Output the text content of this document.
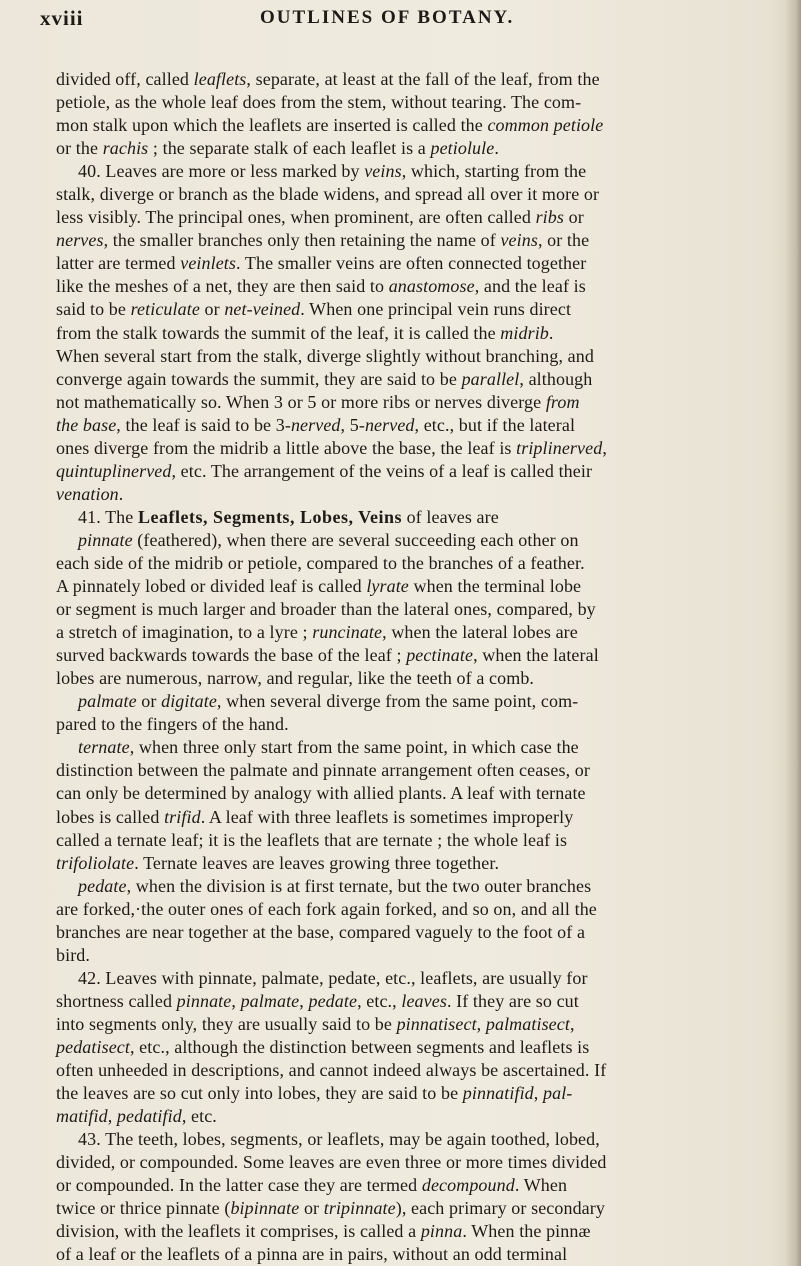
xviii	OUTLINES OF BOTANY.
divided off, called leaflets, separate, at least at the fall of the leaf, from the
petiole, as the whole leaf does from the stem, without tearing. The com-
mon stalk upon which the leaflets are inserted is called the common petiole
or the rachis ; the separate stalk of each leaflet is a petiolule.
40. Leaves are more or less marked by veins, which, starting from the
stalk, diverge or branch as the blade widens, and spread all over it more or
less visibly. The principal ones, when prominent, are often called ribs or
nerves, the smaller branches only then retaining the name of veins, or the
latter are termed veinlets. The smaller veins are often connected together
like the meshes of a net, they are then said to anastomose, and the leaf is
said to be reticulate or net-veined. When one principal vein runs direct
from the stalk towards the summit of the leaf, it is called the midrib.
When several start from the stalk, diverge slightly without branching, and
converge again towards the summit, they are said to be parallel, although
not mathematically so. When 3 or 5 or more ribs or nerves diverge from
the base, the leaf is said to be 3-nerved, 5-nerved, etc., but if the lateral
ones diverge from the midrib a little above the base, the leaf is triplinerved,
quintuplinerved, etc. The arrangement of the veins of a leaf is called their
venation.
41. The Leaflets, Segments, Lobes, Veins of leaves are
pinnate (feathered), when there are several succeeding each other on
each side of the midrib or petiole, compared to the branches of a feather.
A pinnately lobed or divided leaf is called lyrate when the terminal lobe
or segment is much larger and broader than the lateral ones, compared, by
a stretch of imagination, to a lyre ; runcinate, when the lateral lobes are
surved backwards towards the base of the leaf ; pectinate, when the lateral
lobes are numerous, narrow, and regular, like the teeth of a comb.
palmate or digitate, when several diverge from the same point, com-
pared to the fingers of the hand.
ternate, when three only start from the same point, in which case the
distinction between the palmate and pinnate arrangement often ceases, or
can only be determined by analogy with allied plants. A leaf with ternate
lobes is called trifid. A leaf with three leaflets is sometimes improperly
called a ternate leaf; it is the leaflets that are ternate ; the whole leaf is
trifoliolate. Ternate leaves are leaves growing three together.
pedate, when the division is at first ternate, but the two outer branches
are forked,·the outer ones of each fork again forked, and so on, and all the
branches are near together at the base, compared vaguely to the foot of a
bird.
42. Leaves with pinnate, palmate, pedate, etc., leaflets, are usually for
shortness called pinnate, palmate, pedate, etc., leaves. If they are so cut
into segments only, they are usually said to be pinnatisect, palmatisect,
pedatisect, etc., although the distinction between segments and leaflets is
often unheeded in descriptions, and cannot indeed always be ascertained. If
the leaves are so cut only into lobes, they are said to be pinnatifid, pal-
matifid, pedatifid, etc.
43. The teeth, lobes, segments, or leaflets, may be again toothed, lobed,
divided, or compounded. Some leaves are even three or more times divided
or compounded. In the latter case they are termed decompound. When
twice or thrice pinnate (bipinnate or tripinnate), each primary or secondary
division, with the leaflets it comprises, is called a pinna. When the pinnæ
of a leaf or the leaflets of a pinna are in pairs, without an odd terminal
